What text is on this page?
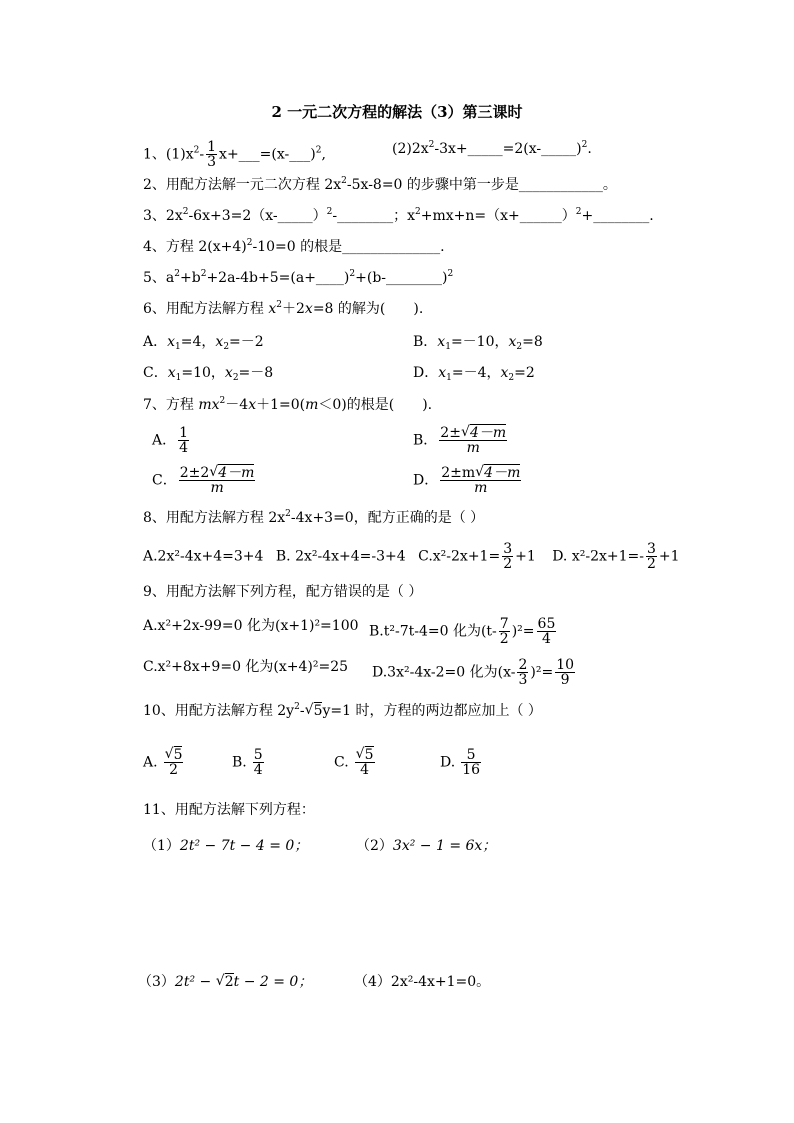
2 一元二次方程的解法（3）第三课时
1、$(1)x^2- \frac{1}{3}$ x+___=(x-___)$^2$,	$(2)2x^2-3x+\_\_\_\_\_=2(x-\_\_\_\_\_)^2$.
2、用配方法解一元二次方程 $2x^2-5x-8=0$ 的步骤中第一步是____________。
3、$2x^2-6x+3=2(x-\_\_\_\_\_)^2-\_\_\_\_\_\_\_\_$；$x^2+mx+n=(x+\_\_\_\_\_\_)^2+\_\_\_\_\_\_\_\_$.
4、方程 $2(x+4)^2-10=0$ 的根是______________.
5、$a^2+b^2+2a-4b+5=(a+\_\_\_\_)^2+(b-\_\_\_\_\_\_\_\_)^2$
6、用配方法解方程 $x^2+2x=8$ 的解为(　　).
A．$x_1=4$，$x_2=-2$	B．$x_1=-10$，$x_2=8$
C．$x_1=10$，$x_2=-8$	D．$x_1=-4$，$x_2=2$
7、方程 $mx^2-4x+1=0(m<0)$的根是(　　).
A． $\frac{1}{4}$	B． $\frac{2\pm√ 4-m}{m}$
C． $\frac{2\pm 2√ 4-m}{m}$	D． $\frac{2\pm m√ 4-m}{m}$
8、用配方法解方程 $2x^2-4x+3=0$，配方正确的是（ ）
A.2x²-4x+4=3+4 B. 2x²-4x+4=-3+4 $C.x^2-2x+1= \frac{3}{2} +1$ D. $x^2-2x+1=- \frac{3}{2} +1$
9、用配方法解下列方程，配方错误的是（ ）
A.x²+2x-99=0 化为(x+1)²=100 B.t²-7t-4=0 化为$(t- \frac{7}{2} )^2= \frac{65}{4}$
C.x²+8x+9=0 化为(x+4)²=25 D.3x²-4x-2=0 化为$(x- \frac{2}{3} )^2= \frac{10}{9}$
10、用配方法解方程 $2y^2-√$ 5y=1 时，方程的两边都应加上（ ）
A.
√ $\frac{5}{2}$	B. $\frac{5}{4}$	C.
√ $\frac{5}{4}$	D. $\frac{5}{16}$
11、用配方法解下列方程：
（1）2t² − 7t − 4 = 0；	（2）3x² − 1 = 6x；
（3）2t² − √ 2t − 2 = 0；	（4）2x²-4x+1=0。
